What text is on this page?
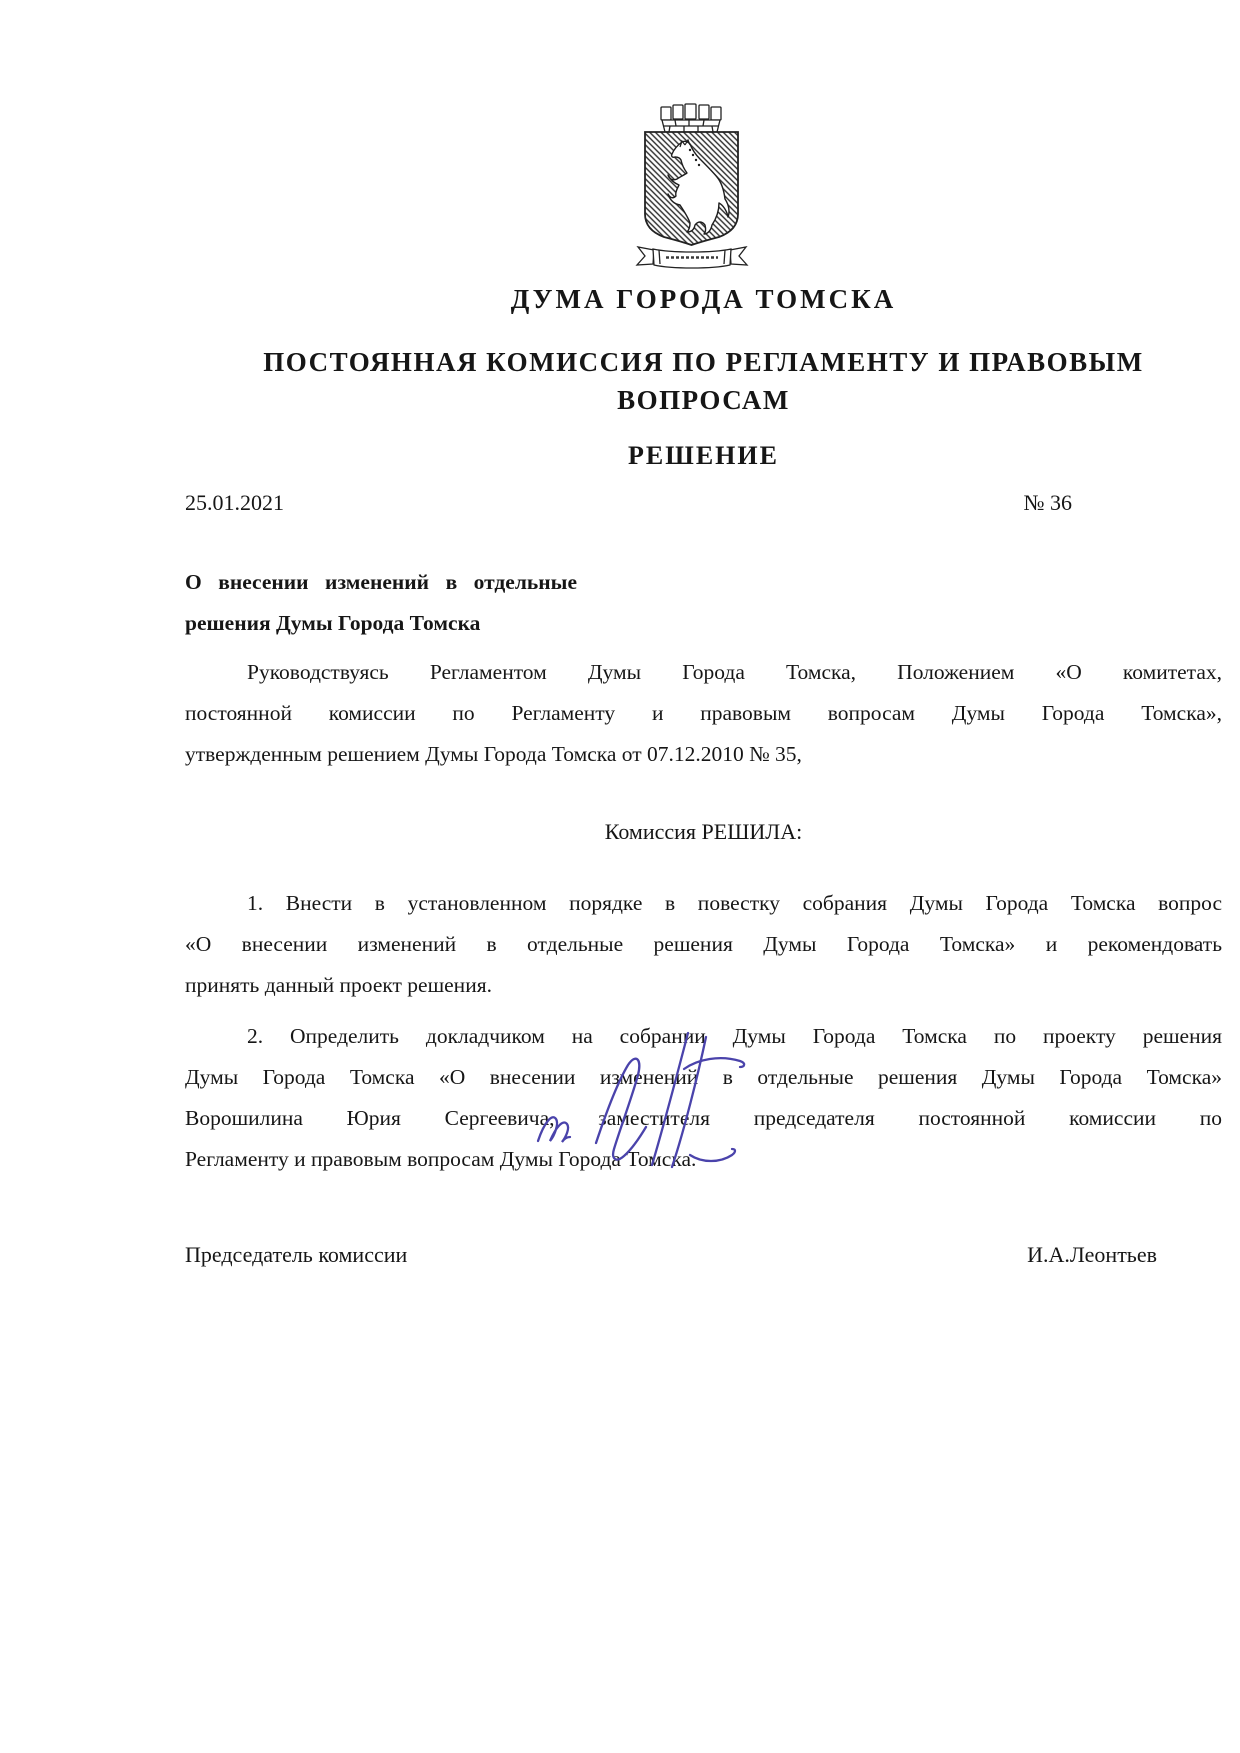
ДУМА ГОРОДА ТОМСКА
ПОСТОЯННАЯ КОМИССИЯ ПО РЕГЛАМЕНТУ И ПРАВОВЫМ ВОПРОСАМ
РЕШЕНИЕ
25.01.2021	№ 36
О внесении изменений в отдельные
решения Думы Города Томска
Руководствуясь Регламентом Думы Города Томска, Положением «О комитетах,
постоянной комиссии по Регламенту и правовым вопросам Думы Города Томска»,
утвержденным решением Думы Города Томска от 07.12.2010 № 35,
Комиссия РЕШИЛА:
1. Внести в установленном порядке в повестку собрания Думы Города Томска вопрос
«О внесении изменений в отдельные решения Думы Города Томска» и рекомендовать
принять данный проект решения.
2. Определить докладчиком на собрании Думы Города Томска по проекту решения
Думы Города Томска «О внесении изменений в отдельные решения Думы Города Томска»
Ворошилина Юрия Сергеевича, заместителя председателя постоянной комиссии по
Регламенту и правовым вопросам Думы Города Томска.
Председатель комиссии	И.А.Леонтьев
